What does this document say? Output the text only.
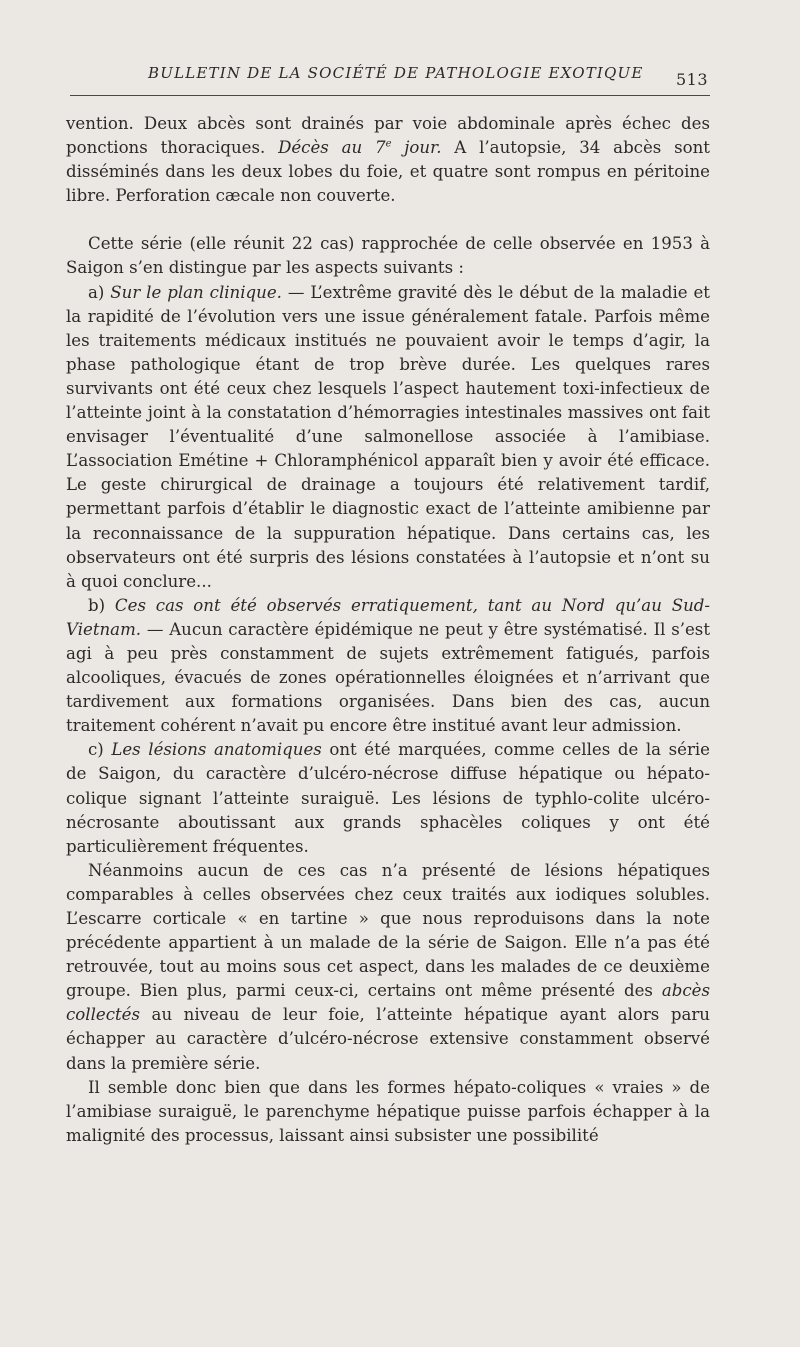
BULLETIN DE LA SOCIÉTÉ DE PATHOLOGIE EXOTIQUE 513

vention. Deux abcès sont drainés par voie abdominale après échec des ponctions thoraciques. Décès au 7e jour. A l’autopsie, 34 abcès sont disséminés dans les deux lobes du foie, et quatre sont rompus en péritoine libre. Perforation cæcale non couverte.

Cette série (elle réunit 22 cas) rapprochée de celle observée en 1953 à Saigon s’en distingue par les aspects suivants :

a) Sur le plan clinique. — L’extrême gravité dès le début de la maladie et la rapidité de l’évolution vers une issue généralement fatale. Parfois même les traitements médicaux institués ne pouvaient avoir le temps d’agir, la phase pathologique étant de trop brève durée. Les quelques rares survivants ont été ceux chez lesquels l’aspect hautement toxi-infectieux de l’atteinte joint à la constatation d’hémorragies intestinales massives ont fait envisager l’éventualité d’une salmonellose associée à l’amibiase. L’association Emétine + Chloramphénicol apparaît bien y avoir été efficace. Le geste chirurgical de drainage a toujours été relativement tardif, permettant parfois d’établir le diagnostic exact de l’atteinte amibienne par la reconnaissance de la suppuration hépatique. Dans certains cas, les observateurs ont été surpris des lésions constatées à l’autopsie et n’ont su à quoi conclure...

b) Ces cas ont été observés erratiquement, tant au Nord qu’au Sud-Vietnam. — Aucun caractère épidémique ne peut y être systématisé. Il s’est agi à peu près constamment de sujets extrêmement fatigués, parfois alcooliques, évacués de zones opérationnelles éloignées et n’arrivant que tardivement aux formations organisées. Dans bien des cas, aucun traitement cohérent n’avait pu encore être institué avant leur admission.

c) Les lésions anatomiques ont été marquées, comme celles de la série de Saigon, du caractère d’ulcéro-nécrose diffuse hépatique ou hépato-colique signant l’atteinte suraiguë. Les lésions de typhlo-colite ulcéro-nécrosante aboutissant aux grands sphacèles coliques y ont été particulièrement fréquentes.

Néanmoins aucun de ces cas n’a présenté de lésions hépatiques comparables à celles observées chez ceux traités aux iodiques solubles. L’escarre corticale « en tartine » que nous reproduisons dans la note précédente appartient à un malade de la série de Saigon. Elle n’a pas été retrouvée, tout au moins sous cet aspect, dans les malades de ce deuxième groupe. Bien plus, parmi ceux-ci, certains ont même présenté des abcès collectés au niveau de leur foie, l’atteinte hépatique ayant alors paru échapper au caractère d’ulcéro-nécrose extensive constamment observé dans la première série.

Il semble donc bien que dans les formes hépato-coliques « vraies » de l’amibiase suraiguë, le parenchyme hépatique puisse parfois échapper à la malignité des processus, laissant ainsi subsister une possibilité
